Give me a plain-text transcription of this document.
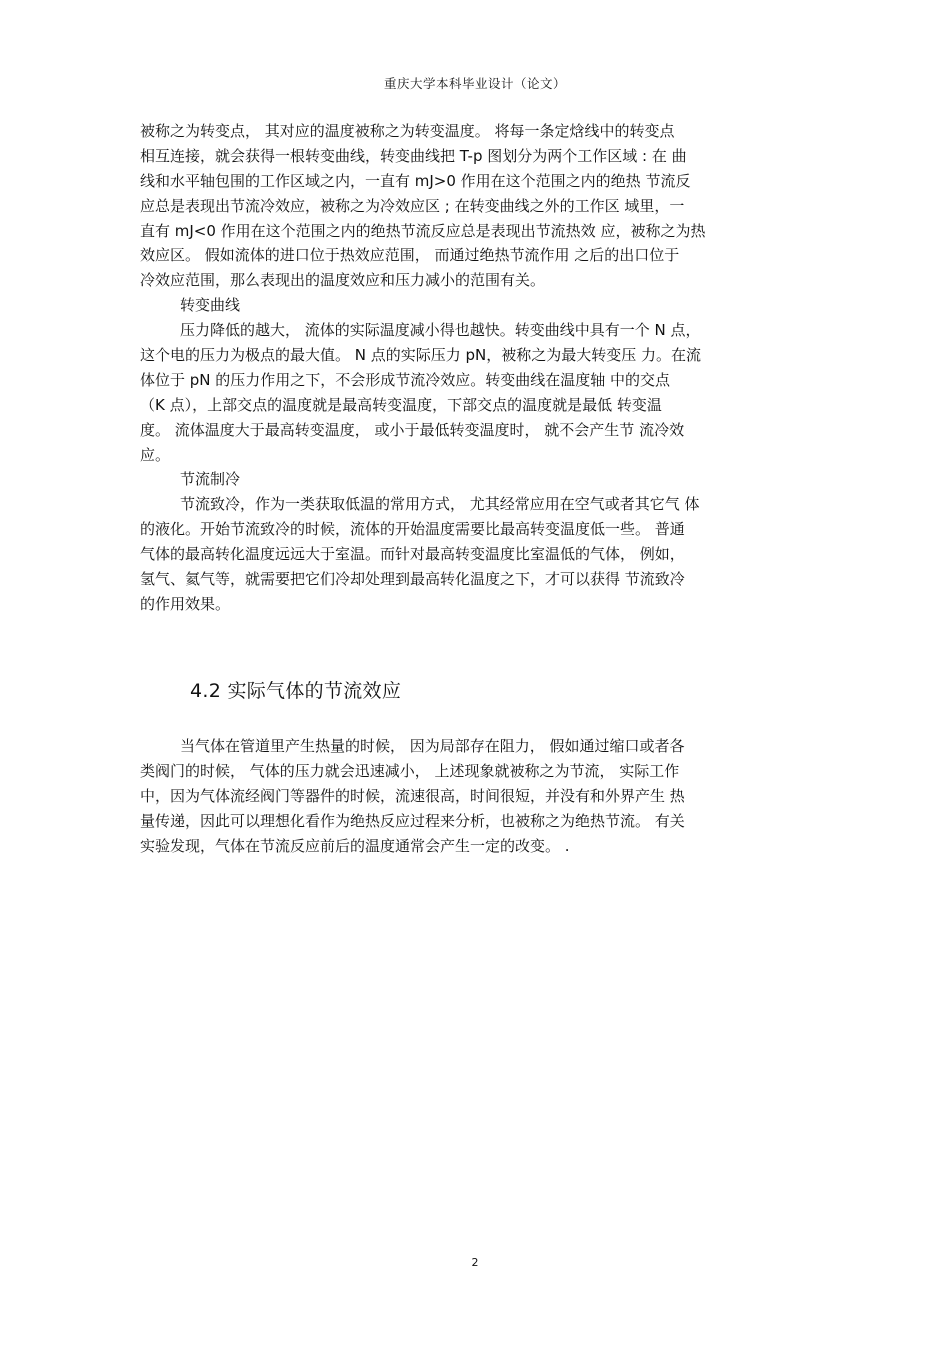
重庆大学本科毕业设计（论文）
被称之为转变点， 其对应的温度被称之为转变温度。 将每一条定焓线中的转变点
相互连接，就会获得一根转变曲线，转变曲线把 T-p 图划分为两个工作区域 : 在 曲
线和水平轴包围的工作区域之内，一直有 mJ>0 作用在这个范围之内的绝热 节流反
应总是表现出节流冷效应，被称之为冷效应区 ; 在转变曲线之外的工作区 域里，一
直有 mJ<0 作用在这个范围之内的绝热节流反应总是表现出节流热效 应，被称之为热
效应区。 假如流体的进口位于热效应范围， 而通过绝热节流作用 之后的出口位于
冷效应范围，那么表现出的温度效应和压力减小的范围有关。
转变曲线
压力降低的越大， 流体的实际温度减小得也越快。转变曲线中具有一个 N 点，
这个电的压力为极点的最大值。 N 点的实际压力 pN，被称之为最大转变压 力。在流
体位于 pN 的压力作用之下，不会形成节流冷效应。转变曲线在温度轴 中的交点
（K 点），上部交点的温度就是最高转变温度，下部交点的温度就是最低 转变温
度。 流体温度大于最高转变温度， 或小于最低转变温度时， 就不会产生节 流冷效
应。
节流制冷
节流致冷，作为一类获取低温的常用方式， 尤其经常应用在空气或者其它气 体
的液化。开始节流致冷的时候，流体的开始温度需要比最高转变温度低一些。 普通
气体的最高转化温度远远大于室温。而针对最高转变温度比室温低的气体， 例如，
氢气、氦气等，就需要把它们冷却处理到最高转化温度之下，才可以获得 节流致冷
的作用效果。
4.2 实际气体的节流效应
当气体在管道里产生热量的时候， 因为局部存在阻力， 假如通过缩口或者各
类阀门的时候， 气体的压力就会迅速减小， 上述现象就被称之为节流， 实际工作
中，因为气体流经阀门等器件的时候，流速很高，时间很短，并没有和外界产生 热
量传递，因此可以理想化看作为绝热反应过程来分析，也被称之为绝热节流。 有关
实验发现，气体在节流反应前后的温度通常会产生一定的改变。 .
2
